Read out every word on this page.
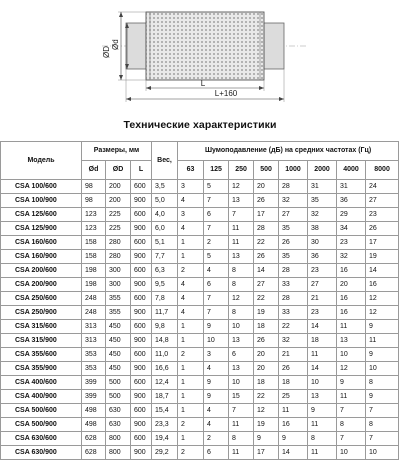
ØD
Ød
L
L+160
Технические характеристики
Модель	Размеры, мм			Вес,	Шумоподавление (дБ) на средних частотах (Гц)							
	Ød	ØD	L		63	125	250	500	1000	2000	4000	8000
CSA 100/600	98	200	600	3,5	3	5	12	20	28	31	31	24
CSA 100/900	98	200	900	5,0	4	7	13	26	32	35	36	27
CSA 125/600	123	225	600	4,0	3	6	7	17	27	32	29	23
CSA 125/900	123	225	900	6,0	4	7	11	28	35	38	34	26
CSA 160/600	158	280	600	5,1	1	2	11	22	26	30	23	17
CSA 160/900	158	280	900	7,7	1	5	13	26	35	36	32	19
CSA 200/600	198	300	600	6,3	2	4	8	14	28	23	16	14
CSA 200/900	198	300	900	9,5	4	6	8	27	33	27	20	16
CSA 250/600	248	355	600	7,8	4	7	12	22	28	21	16	12
CSA 250/900	248	355	900	11,7	4	7	8	19	33	23	16	12
CSA 315/600	313	450	600	9,8	1	9	10	18	22	14	11	9
CSA 315/900	313	450	900	14,8	1	10	13	26	32	18	13	11
CSA 355/600	353	450	600	11,0	2	3	6	20	21	11	10	9
CSA 355/900	353	450	900	16,6	1	4	13	20	26	14	12	10
CSA 400/600	399	500	600	12,4	1	9	10	18	18	10	9	8
CSA 400/900	399	500	900	18,7	1	9	15	22	25	13	11	9
CSA 500/600	498	630	600	15,4	1	4	7	12	11	9	7	7
CSA 500/900	498	630	900	23,3	2	4	11	19	16	11	8	8
CSA 630/600	628	800	600	19,4	1	2	8	9	9	8	7	7
CSA 630/900	628	800	900	29,2	2	6	11	17	14	11	10	10
